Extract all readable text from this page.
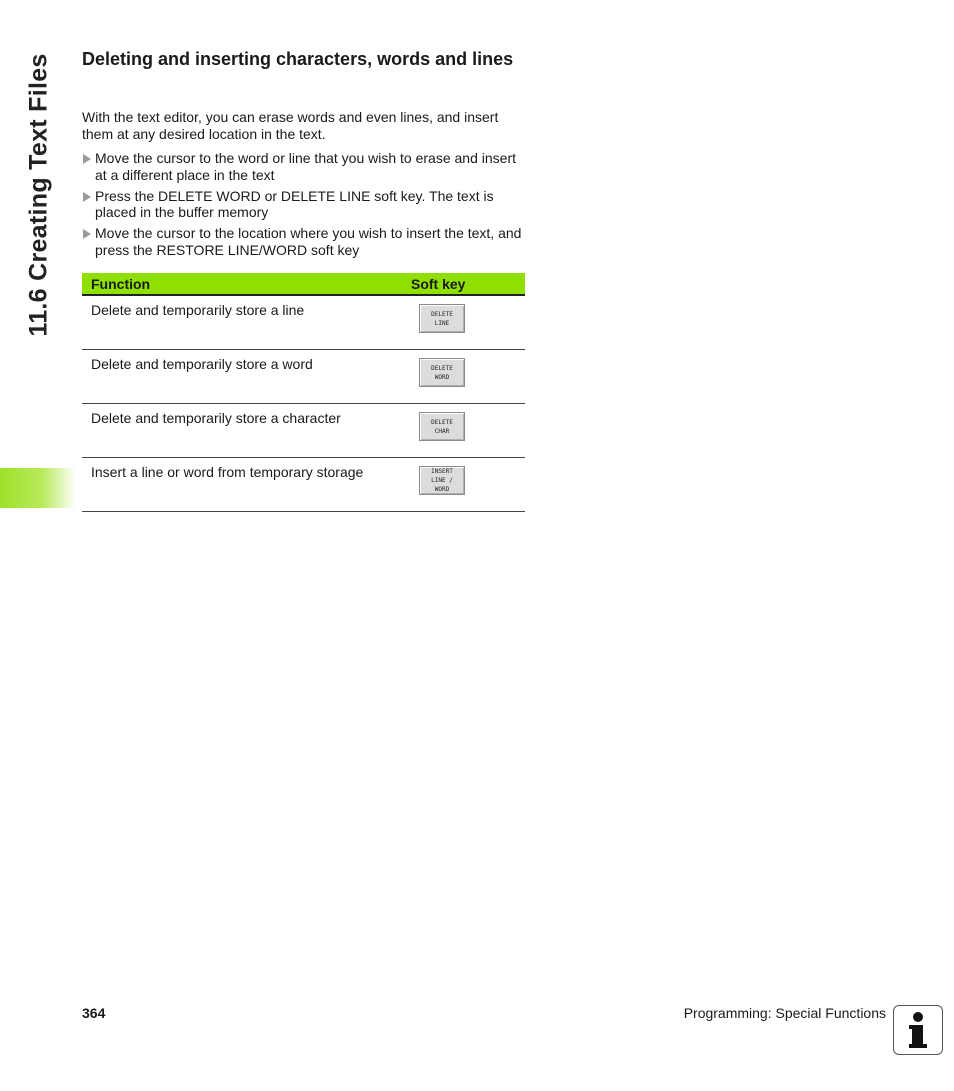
11.6 Creating Text Files Deleting and inserting characters, words and lines

With the text editor, you can erase words and even lines, and insert them at any desired location in the text.

Move the cursor to the word or line that you wish to erase and insert at a different place in the text
Press the DELETE WORD or DELETE LINE soft key. The text is placed in the buffer memory
Move the cursor to the location where you wish to insert the text, and press the RESTORE LINE/WORD soft key
Function	Soft key
Delete and temporarily store a line	DELETE
LINE

Delete and temporarily store a word	DELETE
WORD

Delete and temporarily store a character	DELETE
CHAR

Insert a line or word from temporary storage	INSERT
LINE /
WORD
364	Programming: Special Functions
